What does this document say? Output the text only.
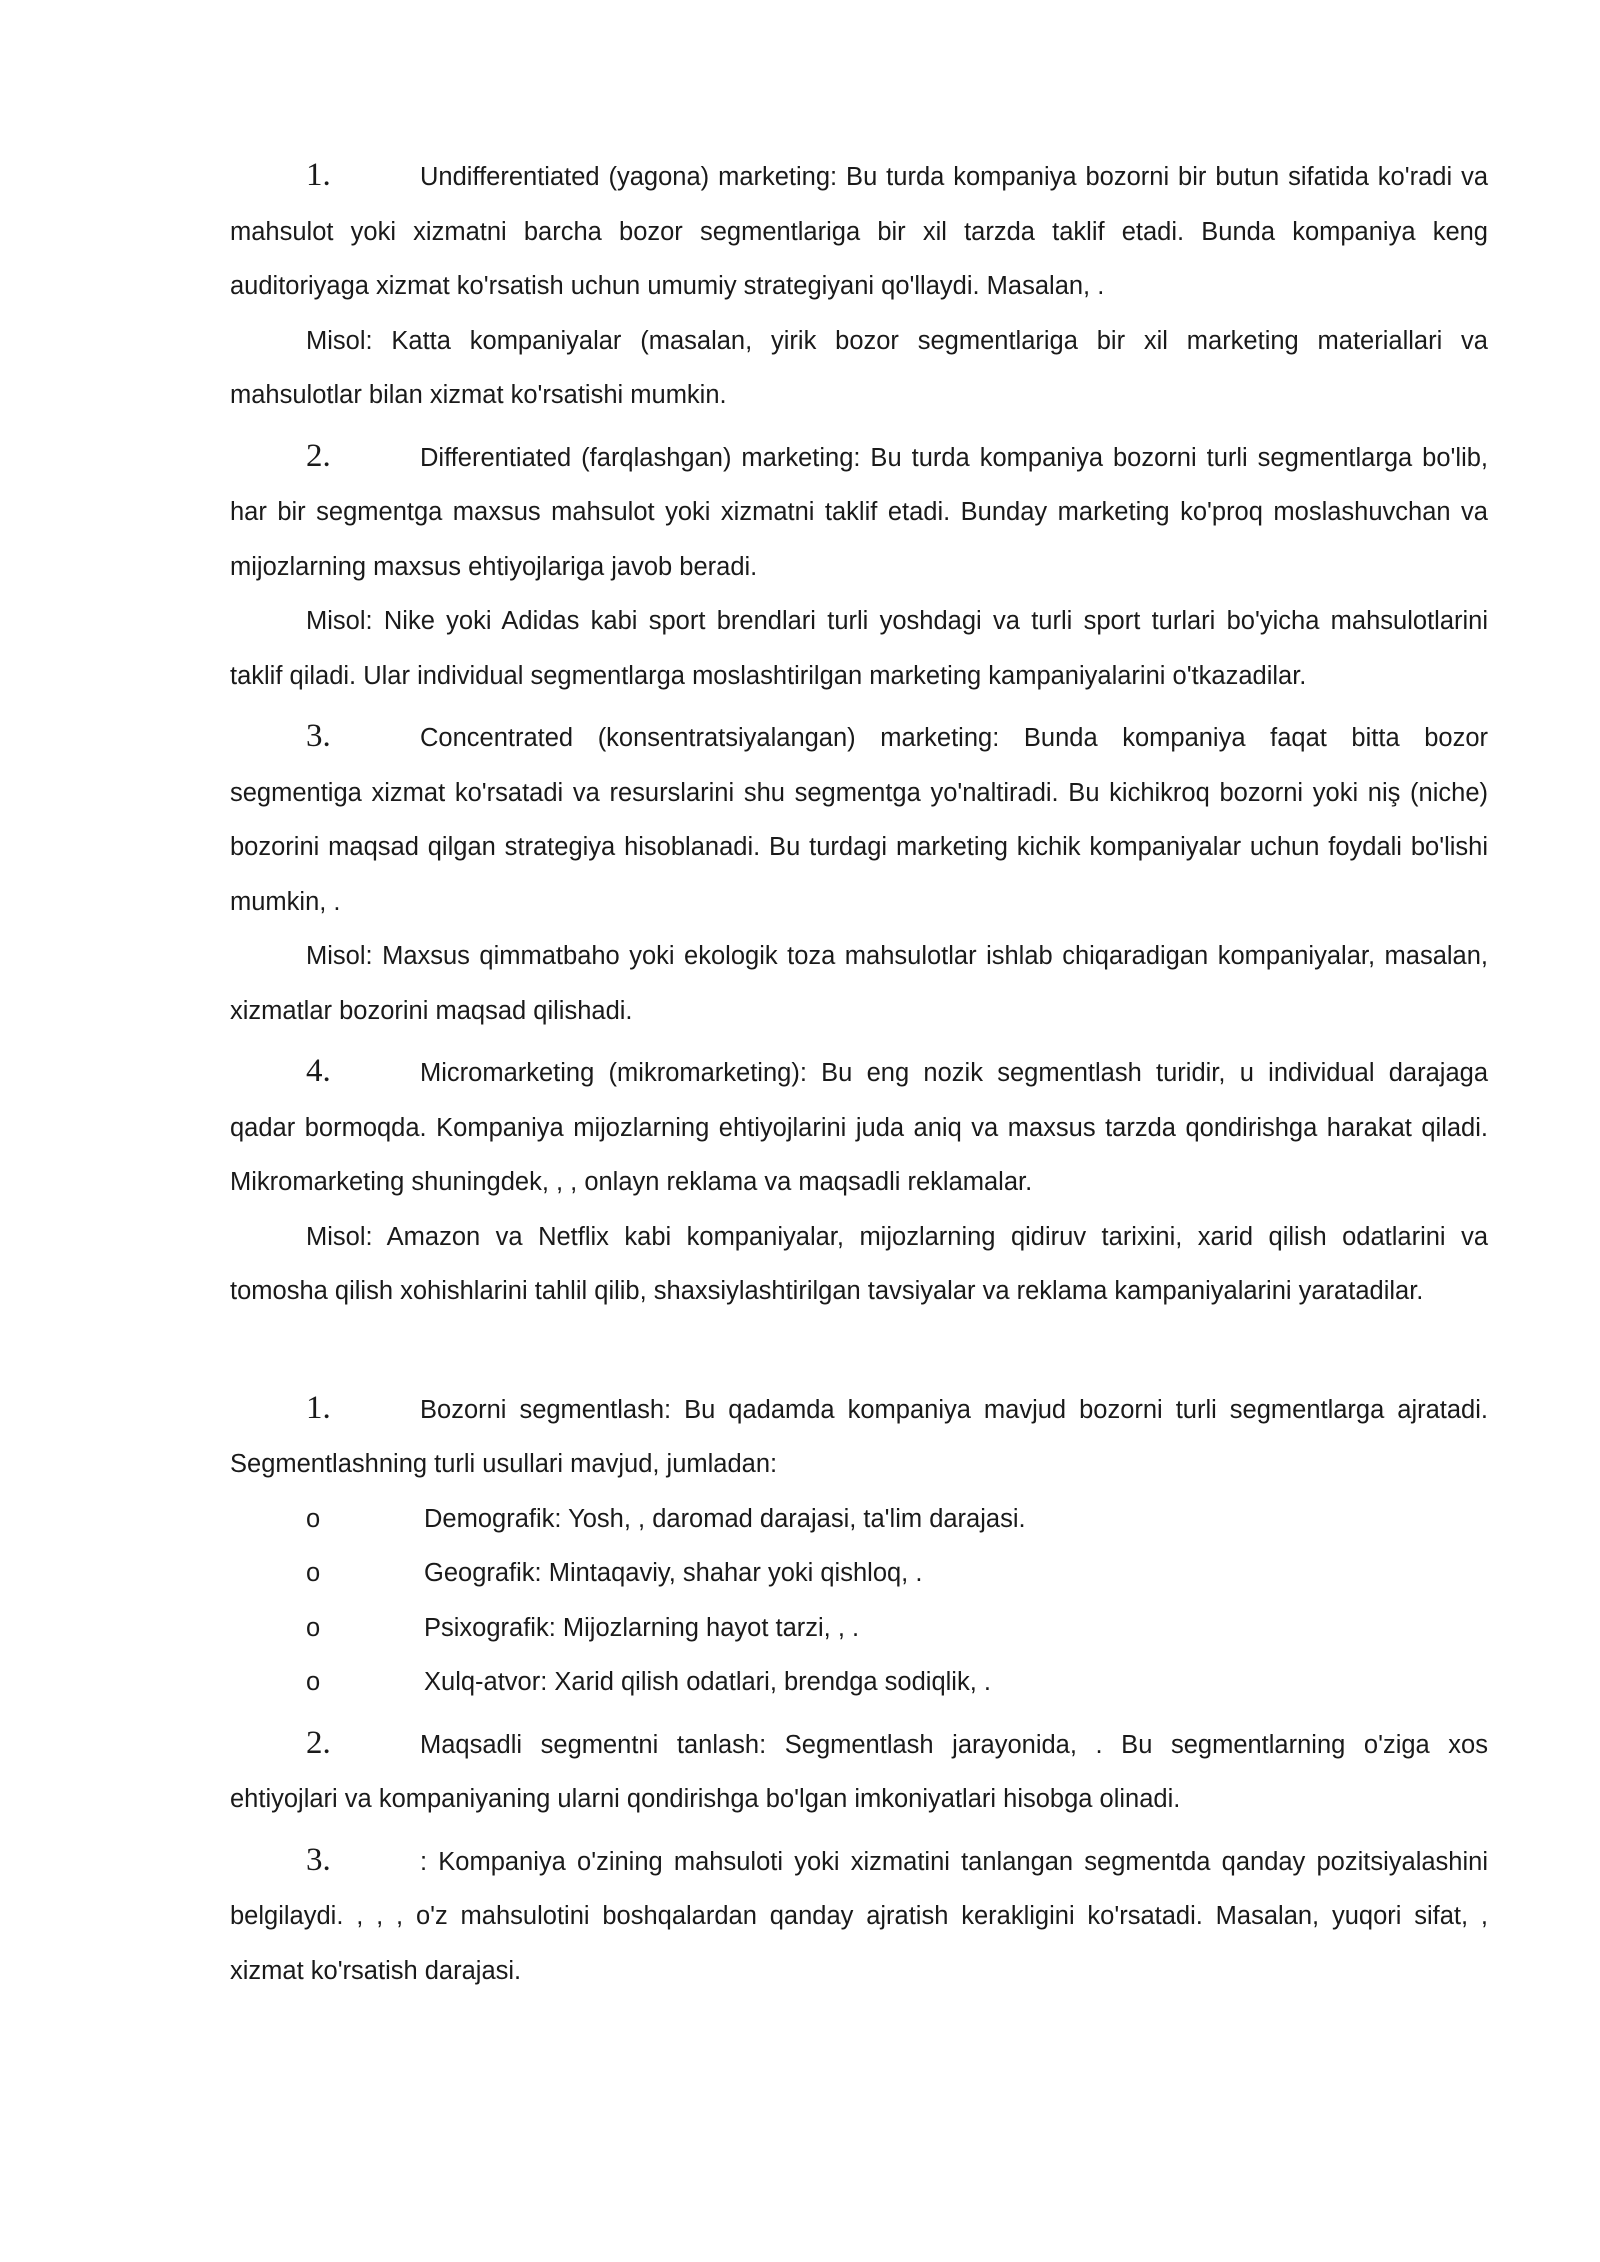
1.	Undifferentiated (yagona) marketing: Bu turda kompaniya bozorni bir butun sifatida ko'radi va mahsulot yoki xizmatni barcha bozor segmentlariga bir xil tarzda taklif etadi. Bunda kompaniya keng auditoriyaga xizmat ko'rsatish uchun umumiy strategiyani qo'llaydi. Masalan, .

Misol: Katta kompaniyalar (masalan, yirik bozor segmentlariga bir xil marketing materiallari va mahsulotlar bilan xizmat ko'rsatishi mumkin.

2.	Differentiated (farqlashgan) marketing: Bu turda kompaniya bozorni turli segmentlarga bo'lib, har bir segmentga maxsus mahsulot yoki xizmatni taklif etadi. Bunday marketing ko'proq moslashuvchan va mijozlarning maxsus ehtiyojlariga javob beradi.

Misol: Nike yoki Adidas kabi sport brendlari turli yoshdagi va turli sport turlari bo'yicha mahsulotlarini taklif qiladi. Ular individual segmentlarga moslashtirilgan marketing kampaniyalarini o'tkazadilar.

3.	Concentrated (konsentratsiyalangan) marketing: Bunda kompaniya faqat bitta bozor segmentiga xizmat ko'rsatadi va resurslarini shu segmentga yo'naltiradi. Bu kichikroq bozorni yoki niş (niche) bozorini maqsad qilgan strategiya hisoblanadi. Bu turdagi marketing kichik kompaniyalar uchun foydali bo'lishi mumkin, .

Misol: Maxsus qimmatbaho yoki ekologik toza mahsulotlar ishlab chiqaradigan kompaniyalar, masalan, xizmatlar bozorini maqsad qilishadi.

4.	Micromarketing (mikromarketing): Bu eng nozik segmentlash turidir, u individual darajaga qadar bormoqda. Kompaniya mijozlarning ehtiyojlarini juda aniq va maxsus tarzda qondirishga harakat qiladi. Mikromarketing shuningdek, , , onlayn reklama va maqsadli reklamalar.

Misol: Amazon va Netflix kabi kompaniyalar, mijozlarning qidiruv tarixini, xarid qilish odatlarini va tomosha qilish xohishlarini tahlil qilib, shaxsiylashtirilgan tavsiyalar va reklama kampaniyalarini yaratadilar.

1.	Bozorni segmentlash: Bu qadamda kompaniya mavjud bozorni turli segmentlarga ajratadi. Segmentlashning turli usullari mavjud, jumladan:

o	Demografik: Yosh, , daromad darajasi, ta'lim darajasi.
o	Geografik: Mintaqaviy, shahar yoki qishloq, .
o	Psixografik: Mijozlarning hayot tarzi, , .
o	Xulq-atvor: Xarid qilish odatlari, brendga sodiqlik, .

2.	Maqsadli segmentni tanlash: Segmentlash jarayonida, . Bu segmentlarning o'ziga xos ehtiyojlari va kompaniyaning ularni qondirishga bo'lgan imkoniyatlari hisobga olinadi.

3.	: Kompaniya o'zining mahsuloti yoki xizmatini tanlangan segmentda qanday pozitsiyalashini belgilaydi. , , , o'z mahsulotini boshqalardan qanday ajratish kerakligini ko'rsatadi. Masalan, yuqori sifat, , xizmat ko'rsatish darajasi.
